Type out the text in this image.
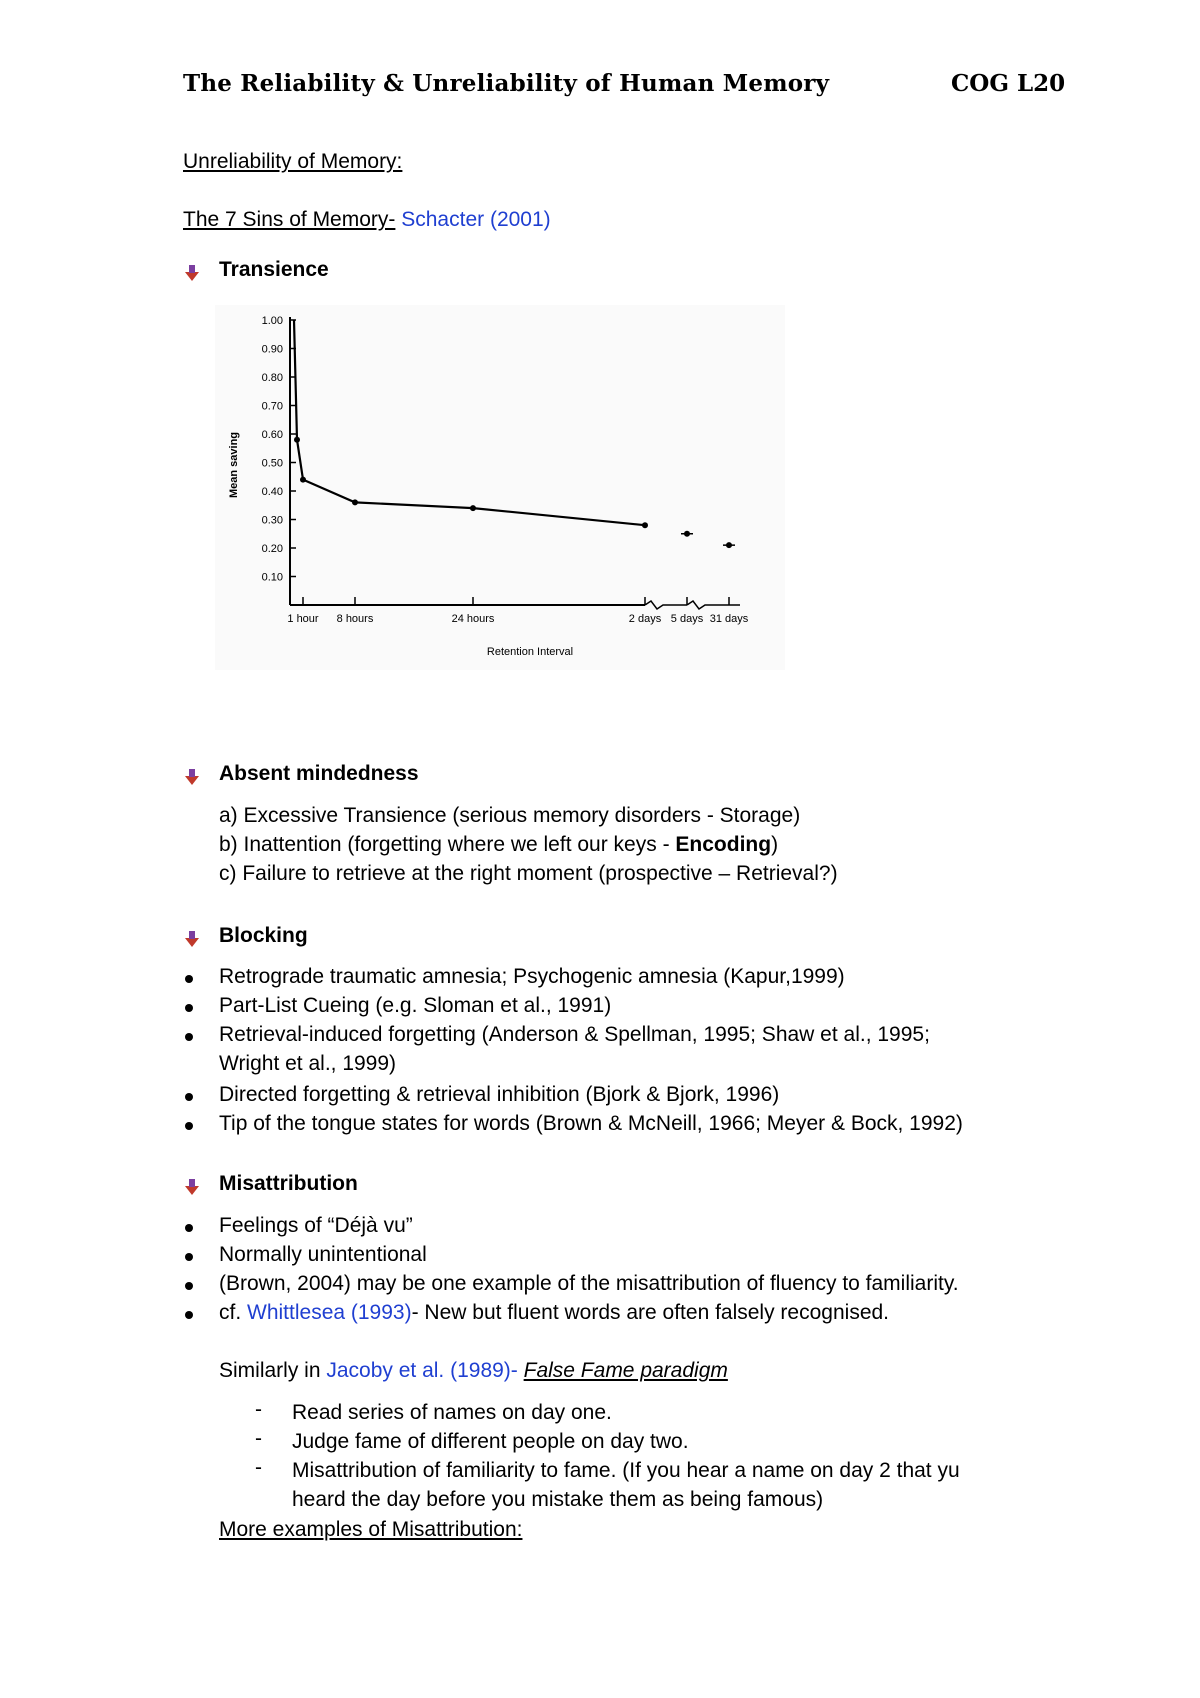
The Reliability & Unreliability of Human Memory	COG L20
Unreliability of Memory:
The 7 Sins of Memory- Schacter (2001)
Transience
1.00
0.90
0.80
0.70
0.60
0.50
0.40
0.30
0.20
0.10
1 hour 8 hours	24 hours	2 days 5 days 31 days
Mean saving
Retention Interval
Absent mindedness
a) Excessive Transience (serious memory disorders - Storage)
b) Inattention (forgetting where we left our keys - Encoding)
c) Failure to retrieve at the right moment (prospective – Retrieval?)
Blocking
Retrograde traumatic amnesia; Psychogenic amnesia (Kapur,1999)
Part-List Cueing (e.g. Sloman et al., 1991)
Retrieval-induced forgetting (Anderson & Spellman, 1995; Shaw et al., 1995;
Wright et al., 1999)
Directed forgetting & retrieval inhibition (Bjork & Bjork, 1996)
Tip of the tongue states for words (Brown & McNeill, 1966; Meyer & Bock, 1992)
Misattribution
Feelings of “Déjà vu”
Normally unintentional
(Brown, 2004) may be one example of the misattribution of fluency to familiarity.
cf. Whittlesea (1993)- New but fluent words are often falsely recognised.
Similarly in Jacoby et al. (1989)- False Fame paradigm
- Read series of names on day one.
- Judge fame of different people on day two.
- Misattribution of familiarity to fame. (If you hear a name on day 2 that yu
heard the day before you mistake them as being famous)
More examples of Misattribution:
